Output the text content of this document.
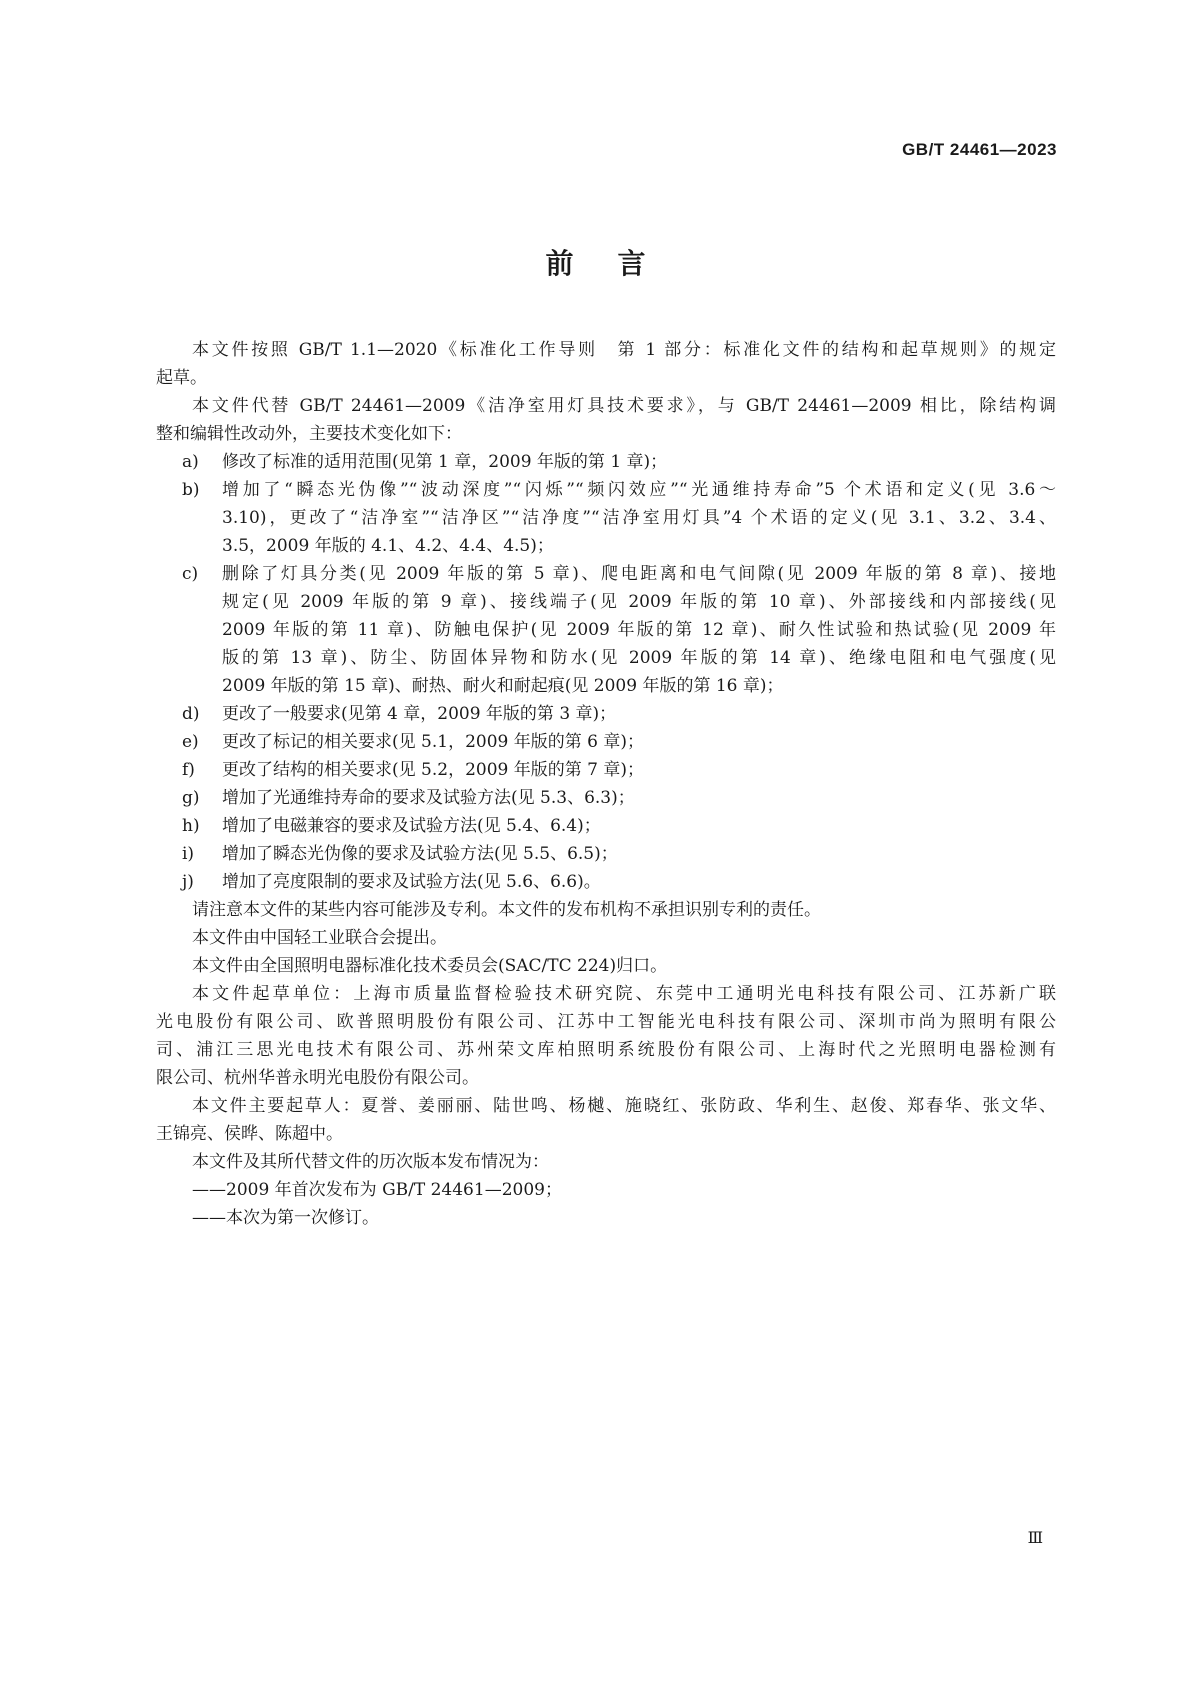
GB/T 24461—2023
前言
本文件按照 GB/T 1.1—2020《标准化工作导则　第 1 部分：标准化文件的结构和起草规则》的规定
起草。
本文件代替 GB/T 24461—2009《洁净室用灯具技术要求》，与 GB/T 24461—2009 相比，除结构调
整和编辑性改动外，主要技术变化如下：
a)	修改了标准的适用范围(见第 1 章，2009 年版的第 1 章)；
b)	增加了“瞬态光伪像”“波动深度”“闪烁”“频闪效应”“光通维持寿命”5 个术语和定义(见 3.6～
3.10)，更改了“洁净室”“洁净区”“洁净度”“洁净室用灯具”4 个术语的定义(见 3.1、3.2、3.4、
3.5，2009 年版的 4.1、4.2、4.4、4.5)；
c)	删除了灯具分类(见 2009 年版的第 5 章)、爬电距离和电气间隙(见 2009 年版的第 8 章)、接地
规定(见 2009 年版的第 9 章)、接线端子(见 2009 年版的第 10 章)、外部接线和内部接线(见
2009 年版的第 11 章)、防触电保护(见 2009 年版的第 12 章)、耐久性试验和热试验(见 2009 年
版的第 13 章)、防尘、防固体异物和防水(见 2009 年版的第 14 章)、绝缘电阻和电气强度(见
2009 年版的第 15 章)、耐热、耐火和耐起痕(见 2009 年版的第 16 章)；
d)	更改了一般要求(见第 4 章，2009 年版的第 3 章)；
e)	更改了标记的相关要求(见 5.1，2009 年版的第 6 章)；
f)	更改了结构的相关要求(见 5.2，2009 年版的第 7 章)；
g)	增加了光通维持寿命的要求及试验方法(见 5.3、6.3)；
h)	增加了电磁兼容的要求及试验方法(见 5.4、6.4)；
i)	增加了瞬态光伪像的要求及试验方法(见 5.5、6.5)；
j)	增加了亮度限制的要求及试验方法(见 5.6、6.6)。
请注意本文件的某些内容可能涉及专利。本文件的发布机构不承担识别专利的责任。
本文件由中国轻工业联合会提出。
本文件由全国照明电器标准化技术委员会(SAC/TC 224)归口。
本文件起草单位：上海市质量监督检验技术研究院、东莞中工通明光电科技有限公司、江苏新广联
光电股份有限公司、欧普照明股份有限公司、江苏中工智能光电科技有限公司、深圳市尚为照明有限公
司、浦江三思光电技术有限公司、苏州荣文库柏照明系统股份有限公司、上海时代之光照明电器检测有
限公司、杭州华普永明光电股份有限公司。
本文件主要起草人：夏誉、姜丽丽、陆世鸣、杨樾、施晓红、张防政、华利生、赵俊、郑春华、张文华、
王锦亮、侯晔、陈超中。
本文件及其所代替文件的历次版本发布情况为：
——2009 年首次发布为 GB/T 24461—2009；
——本次为第一次修订。
Ⅲ
